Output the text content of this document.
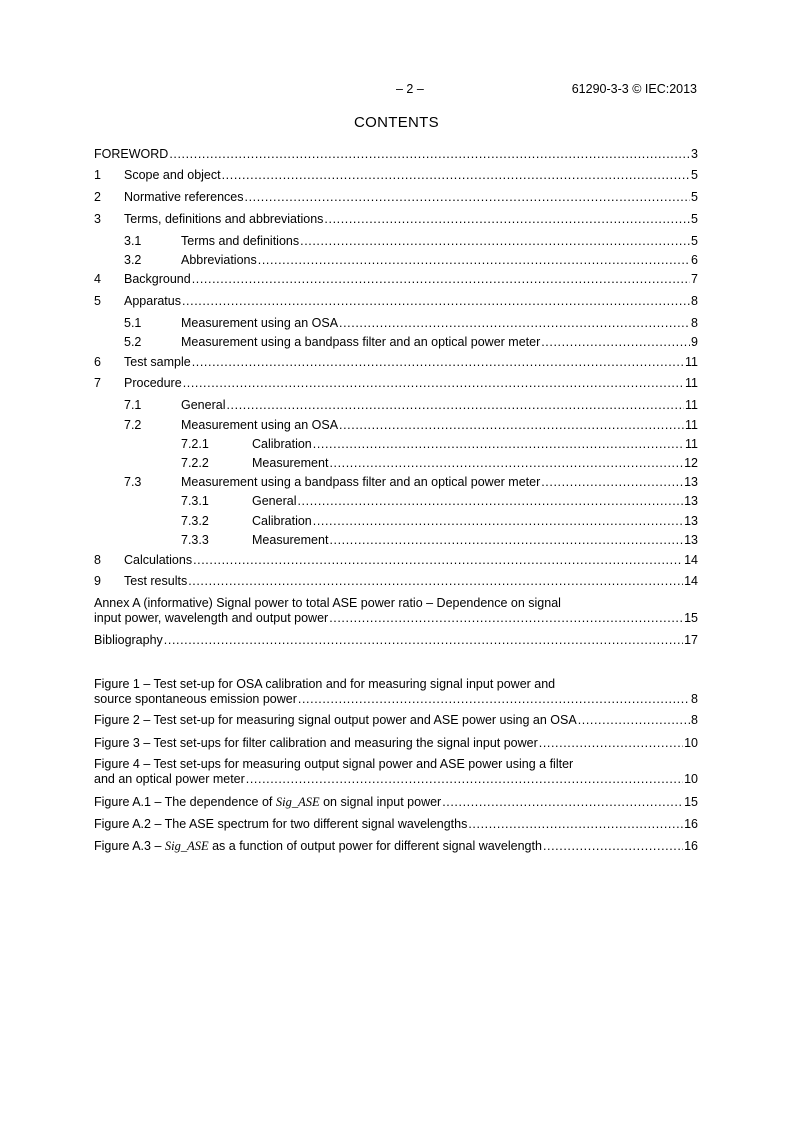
– 2 –	61290-3-3 © IEC:2013
CONTENTS
FOREWORD .....	3
1 Scope and object .....	5
2 Normative references .....	5
3 Terms, definitions and abbreviations .....	5
3.1	Terms and definitions .....	5
3.2	Abbreviations .....	6
4 Background .....	7
5 Apparatus .....	8
5.1	Measurement using an OSA .....	8
5.2	Measurement using a bandpass filter and an optical power meter .....	9
6 Test sample .....	11
7 Procedure .....	11
7.1	General .....	11
7.2	Measurement using an OSA .....	11
7.2.1	Calibration .....	11
7.2.2	Measurement .....	12
7.3	Measurement using a bandpass filter and an optical power meter .....	13
7.3.1	General .....	13
7.3.2	Calibration .....	13
7.3.3	Measurement .....	13
8 Calculations .....	14
9 Test results .....	14
Annex A (informative) Signal power to total ASE power ratio – Dependence on signal
input power, wavelength and output power .....	15
Bibliography .....	17
Figure 1 – Test set-up for OSA calibration and for measuring signal input power and
source spontaneous emission power .....	8
Figure 2 – Test set-up for measuring signal output power and ASE power using an OSA .....	8
Figure 3 – Test set-ups for filter calibration and measuring the signal input power .....	10
Figure 4 – Test set-ups for measuring output signal power and ASE power using a filter
and an optical power meter .....	10
Figure A.1 – The dependence of Sig_ASE on signal input power .....	15
Figure A.2 – The ASE spectrum for two different signal wavelengths .....	16
Figure A.3 – Sig_ASE as a function of output power for different signal wavelength .....	16
